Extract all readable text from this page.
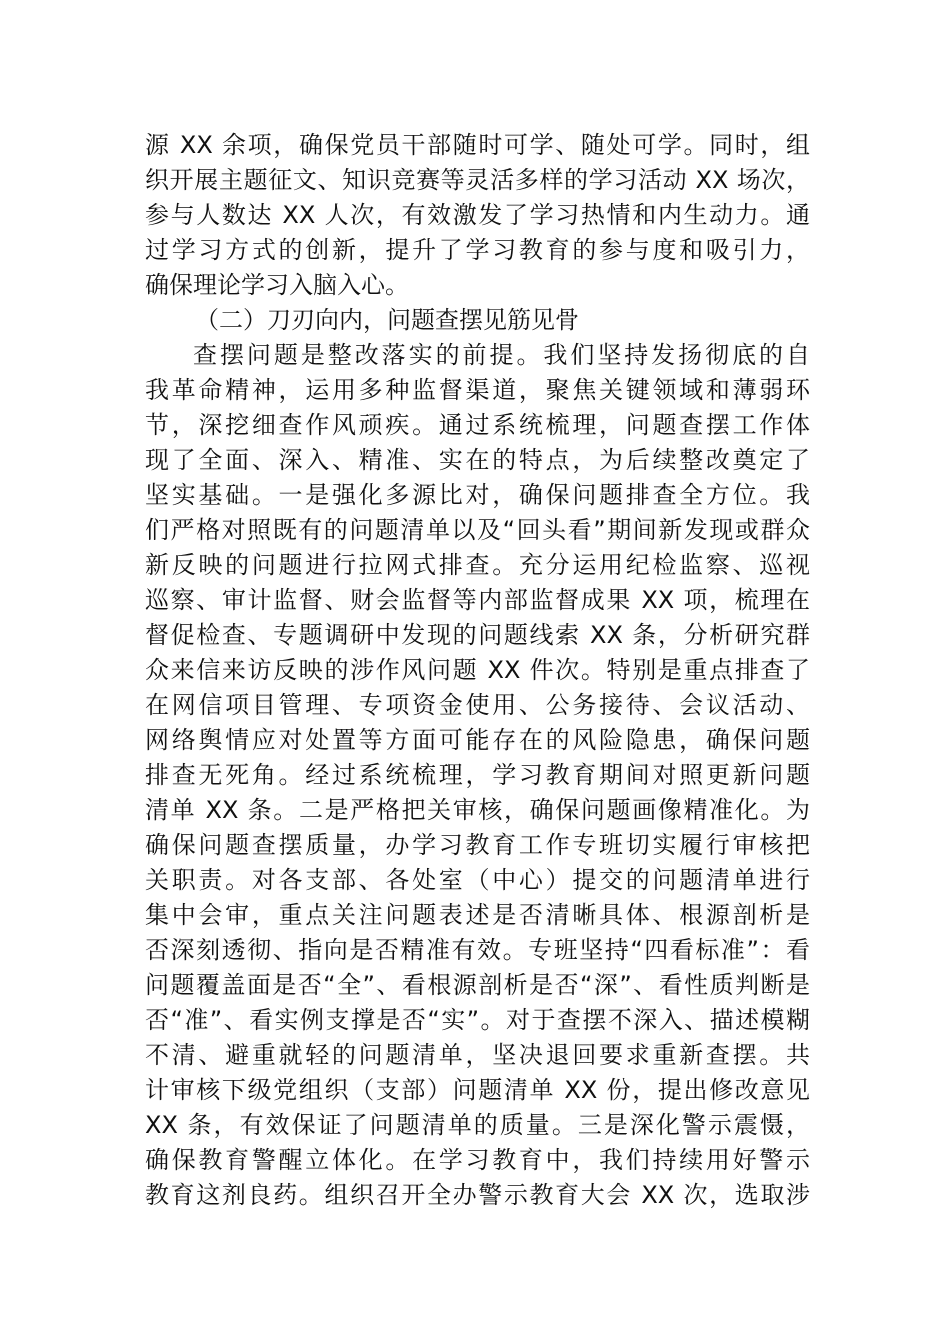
源 XX 余项，确保党员干部随时可学、随处可学。同时，组
织开展主题征文、知识竞赛等灵活多样的学习活动 XX 场次，
参与人数达 XX 人次，有效激发了学习热情和内生动力。通
过学习方式的创新，提升了学习教育的参与度和吸引力，
确保理论学习入脑入心。
（二）刀刃向内，问题查摆见筋见骨
查摆问题是整改落实的前提。我们坚持发扬彻底的自
我革命精神，运用多种监督渠道，聚焦关键领域和薄弱环
节，深挖细查作风顽疾。通过系统梳理，问题查摆工作体
现了全面、深入、精准、实在的特点，为后续整改奠定了
坚实基础。一是强化多源比对，确保问题排查全方位。我
们严格对照既有的问题清单以及“回头看”期间新发现或群众
新反映的问题进行拉网式排查。充分运用纪检监察、巡视
巡察、审计监督、财会监督等内部监督成果 XX 项，梳理在
督促检查、专题调研中发现的问题线索 XX 条，分析研究群
众来信来访反映的涉作风问题 XX 件次。特别是重点排查了
在网信项目管理、专项资金使用、公务接待、会议活动、
网络舆情应对处置等方面可能存在的风险隐患，确保问题
排查无死角。经过系统梳理，学习教育期间对照更新问题
清单 XX 条。二是严格把关审核，确保问题画像精准化。为
确保问题查摆质量，办学习教育工作专班切实履行审核把
关职责。对各支部、各处室（中心）提交的问题清单进行
集中会审，重点关注问题表述是否清晰具体、根源剖析是
否深刻透彻、指向是否精准有效。专班坚持“四看标准”：看
问题覆盖面是否“全”、看根源剖析是否“深”、看性质判断是
否“准”、看实例支撑是否“实”。对于查摆不深入、描述模糊
不清、避重就轻的问题清单，坚决退回要求重新查摆。共
计审核下级党组织（支部）问题清单 XX 份，提出修改意见
XX 条，有效保证了问题清单的质量。三是深化警示震慑，
确保教育警醒立体化。在学习教育中，我们持续用好警示
教育这剂良药。组织召开全办警示教育大会 XX 次，选取涉
